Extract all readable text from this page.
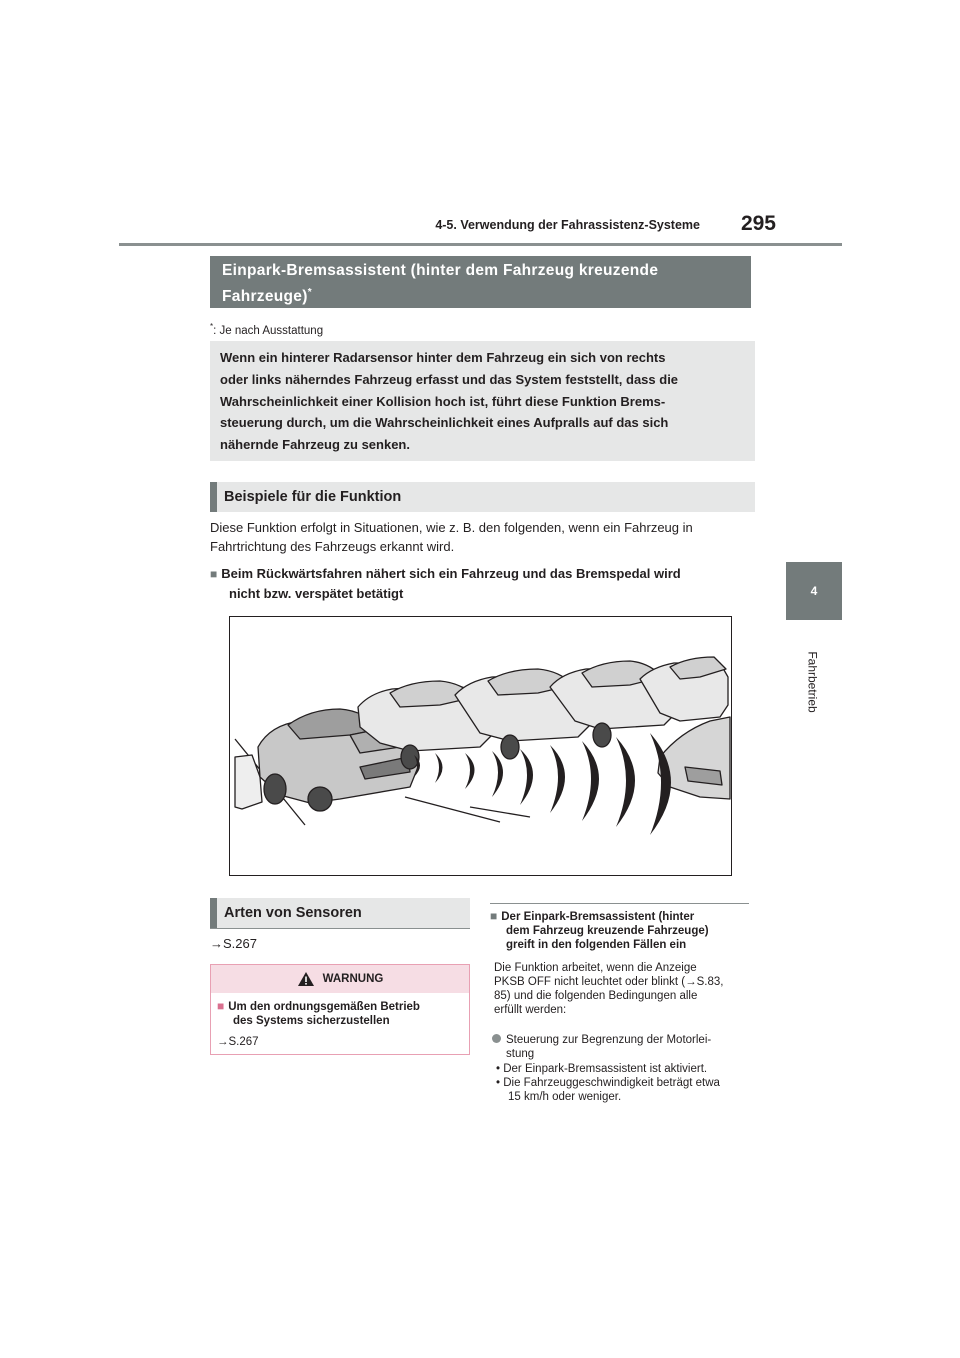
4-5. Verwendung der Fahrassistenz-Systeme	295
4
Fahrbetrieb
Einpark-Bremsassistent (hinter dem Fahrzeug kreuzende
Fahrzeuge)*
*: Je nach Ausstattung
Wenn ein hinterer Radarsensor hinter dem Fahrzeug ein sich von rechts
oder links näherndes Fahrzeug erfasst und das System feststellt, dass die
Wahrscheinlichkeit einer Kollision hoch ist, führt diese Funktion Brems-
steuerung durch, um die Wahrscheinlichkeit eines Aufpralls auf das sich
nähernde Fahrzeug zu senken.
Beispiele für die Funktion
Diese Funktion erfolgt in Situationen, wie z. B. den folgenden, wenn ein Fahrzeug in
Fahrtrichtung des Fahrzeugs erkannt wird.
■ Beim Rückwärtsfahren nähert sich ein Fahrzeug und das Bremspedal wird
nicht bzw. verspätet betätigt
Arten von Sensoren
→S.267
WARNUNG
■ Um den ordnungsgemäßen Betrieb
des Systems sicherzustellen
→S.267
■ Der Einpark-Bremsassistent (hinter
dem Fahrzeug kreuzende Fahrzeuge)
greift in den folgenden Fällen ein
Die Funktion arbeitet, wenn die Anzeige
PKSB OFF nicht leuchtet oder blinkt (→S.83,
85) und die folgenden Bedingungen alle
erfüllt werden:
Steuerung zur Begrenzung der Motorlei-
stung
• Der Einpark-Bremsassistent ist aktiviert.
• Die Fahrzeuggeschwindigkeit beträgt etwa
15 km/h oder weniger.
